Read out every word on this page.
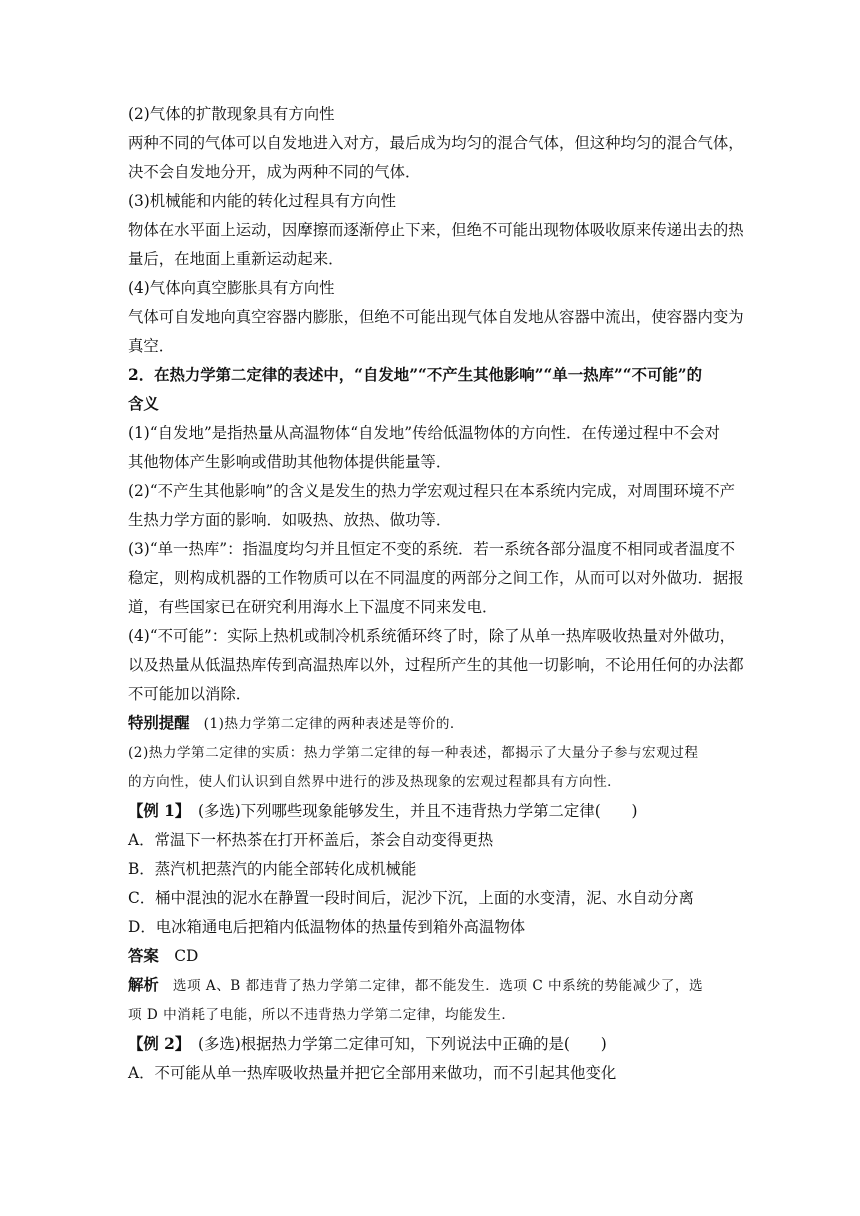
(2)气体的扩散现象具有方向性

两种不同的气体可以自发地进入对方，最后成为均匀的混合气体，但这种均匀的混合气体，

决不会自发地分开，成为两种不同的气体．

(3)机械能和内能的转化过程具有方向性

物体在水平面上运动，因摩擦而逐渐停止下来，但绝不可能出现物体吸收原来传递出去的热

量后，在地面上重新运动起来．

(4)气体向真空膨胀具有方向性

气体可自发地向真空容器内膨胀，但绝不可能出现气体自发地从容器中流出，使容器内变为

真空．

2．在热力学第二定律的表述中，“自发地”“不产生其他影响”“单一热库”“不可能”的

含义

(1)“自发地”是指热量从高温物体“自发地”传给低温物体的方向性．在传递过程中不会对

其他物体产生影响或借助其他物体提供能量等．

(2)“不产生其他影响”的含义是发生的热力学宏观过程只在本系统内完成，对周围环境不产

生热力学方面的影响．如吸热、放热、做功等．

(3)“单一热库”：指温度均匀并且恒定不变的系统．若一系统各部分温度不相同或者温度不

稳定，则构成机器的工作物质可以在不同温度的两部分之间工作，从而可以对外做功．据报

道，有些国家已在研究利用海水上下温度不同来发电．

(4)“不可能”：实际上热机或制冷机系统循环终了时，除了从单一热库吸收热量对外做功，

以及热量从低温热库传到高温热库以外，过程所产生的其他一切影响，不论用任何的办法都

不可能加以消除．

特别提醒　(1)热力学第二定律的两种表述是等价的．

(2)热力学第二定律的实质：热力学第二定律的每一种表述，都揭示了大量分子参与宏观过程

的方向性，使人们认识到自然界中进行的涉及热现象的宏观过程都具有方向性．

【例 1】　(多选)下列哪些现象能够发生，并且不违背热力学第二定律(　　)

A．常温下一杯热茶在打开杯盖后，茶会自动变得更热

B．蒸汽机把蒸汽的内能全部转化成机械能

C．桶中混浊的泥水在静置一段时间后，泥沙下沉，上面的水变清，泥、水自动分离

D．电冰箱通电后把箱内低温物体的热量传到箱外高温物体

答案　CD

解析　选项 A、B 都违背了热力学第二定律，都不能发生．选项 C 中系统的势能减少了，选

项 D 中消耗了电能，所以不违背热力学第二定律，均能发生．

【例 2】　(多选)根据热力学第二定律可知，下列说法中正确的是(　　)

A．不可能从单一热库吸收热量并把它全部用来做功，而不引起其他变化
